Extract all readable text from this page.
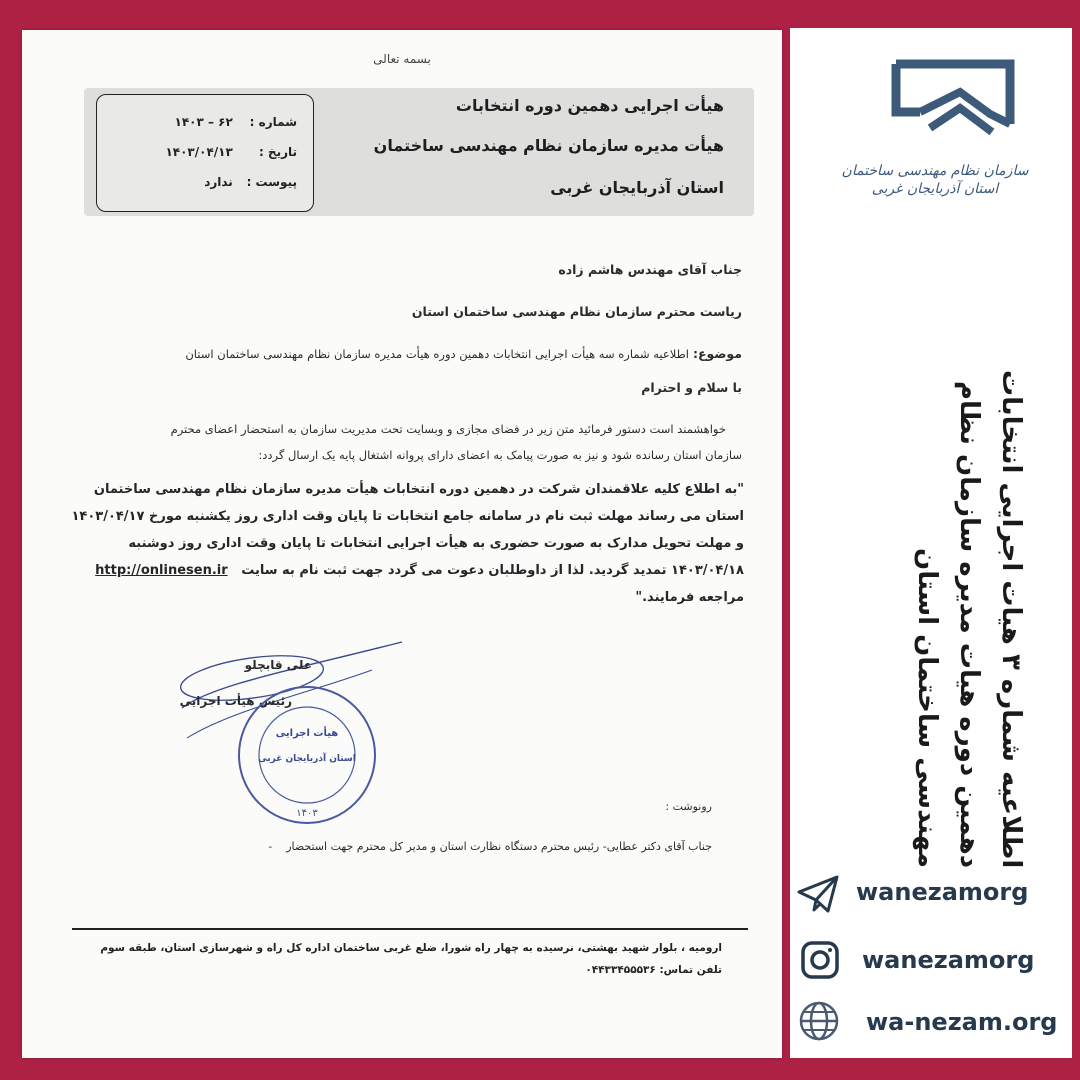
بسمه تعالی
هیأت اجرایی دهمین دوره انتخابات
هیأت مدیره سازمان نظام مهندسی ساختمان
استان آذربایجان غربی
شماره : ۶۲ – ۱۴۰۳
تاریخ : ۱۴۰۳/۰۴/۱۳
پیوست : ندارد
جناب آقای مهندس هاشم زاده
ریاست محترم سازمان نظام مهندسی ساختمان استان
موضوع: اطلاعیه شماره سه هیأت اجرایی انتخابات دهمین دوره هیأت مدیره سازمان نظام مهندسی ساختمان استان
با سلام و احترام
خواهشمند است دستور فرمائید متن زیر در فضای مجازی و وبسایت تحت مدیریت سازمان به استحضار اعضای محترم
سازمان استان رسانده شود و نیز به صورت پیامک به اعضای دارای پروانه اشتغال پایه یک ارسال گردد:
"به اطلاع کلیه علاقمندان شرکت در دهمین دوره انتخابات هیأت مدیره سازمان نظام مهندسی ساختمان
استان می رساند مهلت ثبت نام در سامانه جامع انتخابات تا پایان وقت اداری روز یکشنبه مورخ ۱۴۰۳/۰۴/۱۷
و مهلت تحویل مدارک به صورت حضوری به هیأت اجرایی انتخابات تا پایان وقت اداری روز دوشنبه
۱۴۰۳/۰۴/۱۸ تمدید گردید. لذا از داوطلبان دعوت می گردد جهت ثبت نام به سایت   http://onlinesen.ir
مراجعه فرمایند."
علی قابچلو
رئیس هیأت اجرایی
هیأت اجرایی
استان آذربایجان غربی
۱۴۰۳
رونوشت :
جناب آقای دکتر عطایی- رئیس محترم دستگاه نظارت استان و مدیر کل محترم جهت استحضار    -
ارومیه ، بلوار شهید بهشتی، نرسیده به چهار راه شورا، ضلع غربی ساختمان اداره کل راه و شهرسازی استان، طبقه سوم
تلفن تماس: ۰۴۴۳۳۴۵۵۵۳۶
سازمان نظام مهندسی ساختمان استان آذربایجان غربی
اطلاعیه شماره ۳ هیات اجرایی انتخابات
دهمین دوره هیات مدیره سازمان نظام
مهندسی ساختمان استان
wanezamorg
wanezamorg
wa-nezam.org
